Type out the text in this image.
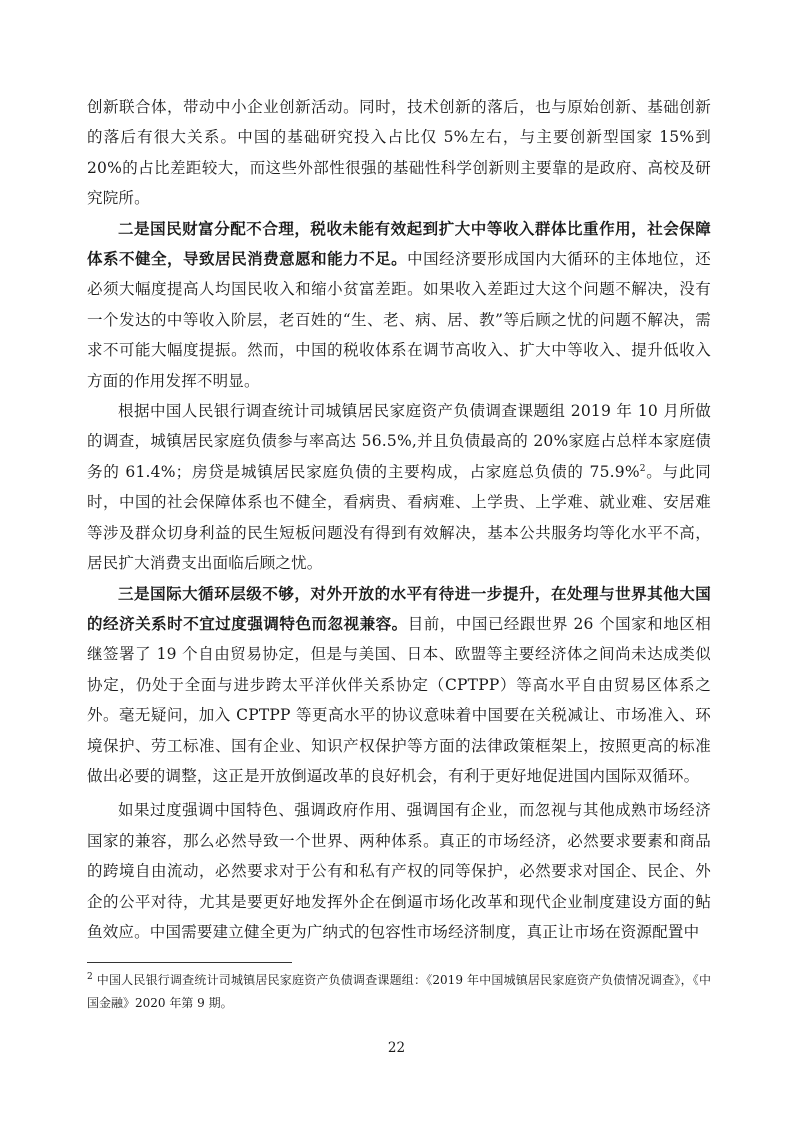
创新联合体，带动中小企业创新活动。同时，技术创新的落后，也与原始创新、基础创新的落后有很大关系。中国的基础研究投入占比仅 5%左右，与主要创新型国家 15%到 20%的占比差距较大，而这些外部性很强的基础性科学创新则主要靠的是政府、高校及研究院所。

二是国民财富分配不合理，税收未能有效起到扩大中等收入群体比重作用，社会保障体系不健全，导致居民消费意愿和能力不足。中国经济要形成国内大循环的主体地位，还必须大幅度提高人均国民收入和缩小贫富差距。如果收入差距过大这个问题不解决，没有一个发达的中等收入阶层，老百姓的“生、老、病、居、教”等后顾之忧的问题不解决，需求不可能大幅度提振。然而，中国的税收体系在调节高收入、扩大中等收入、提升低收入方面的作用发挥不明显。

根据中国人民银行调查统计司城镇居民家庭资产负债调查课题组 2019 年 10 月所做的调查，城镇居民家庭负债参与率高达 56.5%,并且负债最高的 20%家庭占总样本家庭债务的 61.4%；房贷是城镇居民家庭负债的主要构成，占家庭总负债的 75.9%$^2$。与此同时，中国的社会保障体系也不健全，看病贵、看病难、上学贵、上学难、就业难、安居难等涉及群众切身利益的民生短板问题没有得到有效解决，基本公共服务均等化水平不高，居民扩大消费支出面临后顾之忧。

三是国际大循环层级不够，对外开放的水平有待进一步提升，在处理与世界其他大国的经济关系时不宜过度强调特色而忽视兼容。目前，中国已经跟世界 26 个国家和地区相继签署了 19 个自由贸易协定，但是与美国、日本、欧盟等主要经济体之间尚未达成类似协定，仍处于全面与进步跨太平洋伙伴关系协定（CPTPP）等高水平自由贸易区体系之外。毫无疑问，加入 CPTPP 等更高水平的协议意味着中国要在关税减让、市场准入、环境保护、劳工标准、国有企业、知识产权保护等方面的法律政策框架上，按照更高的标准做出必要的调整，这正是开放倒逼改革的良好机会，有利于更好地促进国内国际双循环。

如果过度强调中国特色、强调政府作用、强调国有企业，而忽视与其他成熟市场经济国家的兼容，那么必然导致一个世界、两种体系。真正的市场经济，必然要求要素和商品的跨境自由流动，必然要求对于公有和私有产权的同等保护，必然要求对国企、民企、外企的公平对待，尤其是要更好地发挥外企在倒逼市场化改革和现代企业制度建设方面的鲇鱼效应。中国需要建立健全更为广纳式的包容性市场经济制度，真正让市场在资源配置中

$^2$ 中国人民银行调查统计司城镇居民家庭资产负债调查课题组：《2019 年中国城镇居民家庭资产负债情况调查》，《中国金融》2020 年第 9 期。
22
